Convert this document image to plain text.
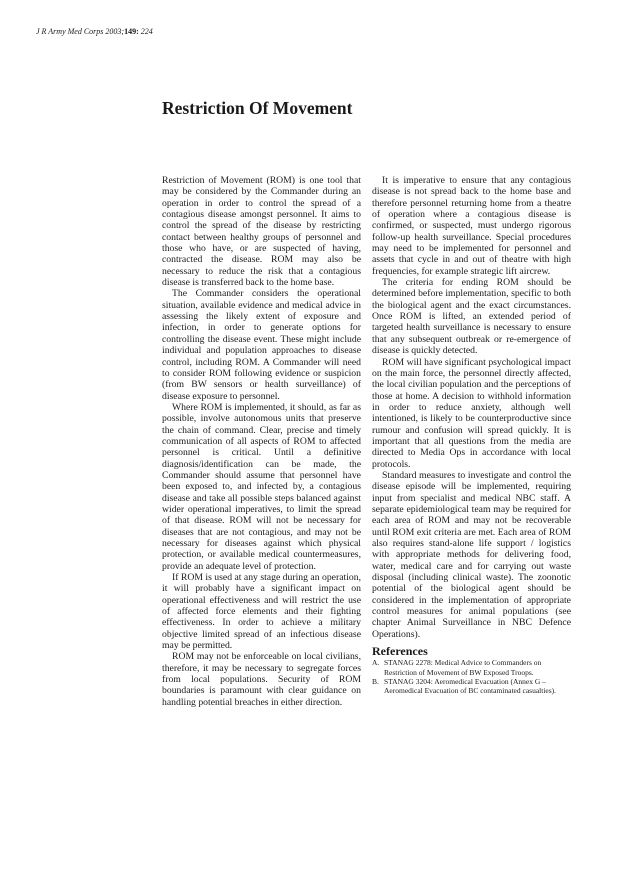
J R Army Med Corps 2003;149: 224
Restriction Of Movement

Restriction of Movement (ROM) is one tool that may be considered by the Commander during an operation in order to control the spread of a contagious disease amongst personnel. It aims to control the spread of the disease by restricting contact between healthy groups of personnel and those who have, or are suspected of having, contracted the disease. ROM may also be necessary to reduce the risk that a contagious disease is transferred back to the home base.

The Commander considers the operational situation, available evidence and medical advice in assessing the likely extent of exposure and infection, in order to generate options for controlling the disease event. These might include individual and population approaches to disease control, including ROM. A Commander will need to consider ROM following evidence or suspicion (from BW sensors or health surveillance) of disease exposure to personnel.

Where ROM is implemented, it should, as far as possible, involve autonomous units that preserve the chain of command. Clear, precise and timely communication of all aspects of ROM to affected personnel is critical. Until a definitive diagnosis/identification can be made, the Commander should assume that personnel have been exposed to, and infected by, a contagious disease and take all possible steps balanced against wider operational imperatives, to limit the spread of that disease. ROM will not be necessary for diseases that are not contagious, and may not be necessary for diseases against which physical protection, or available medical countermeasures, provide an adequate level of protection.

If ROM is used at any stage during an operation, it will probably have a significant impact on operational effectiveness and will restrict the use of affected force elements and their fighting effectiveness. In order to achieve a military objective limited spread of an infectious disease may be permitted.

ROM may not be enforceable on local civilians, therefore, it may be necessary to segregate forces from local populations. Security of ROM boundaries is paramount with clear guidance on handling potential breaches in either direction.

It is imperative to ensure that any contagious disease is not spread back to the home base and therefore personnel returning home from a theatre of operation where a contagious disease is confirmed, or suspected, must undergo rigorous follow-up health surveillance. Special procedures may need to be implemented for personnel and assets that cycle in and out of theatre with high frequencies, for example strategic lift aircrew.

The criteria for ending ROM should be determined before implementation, specific to both the biological agent and the exact circumstances. Once ROM is lifted, an extended period of targeted health surveillance is necessary to ensure that any subsequent outbreak or re-emergence of disease is quickly detected.

ROM will have significant psychological impact on the main force, the personnel directly affected, the local civilian population and the perceptions of those at home. A decision to withhold information in order to reduce anxiety, although well intentioned, is likely to be counterproductive since rumour and confusion will spread quickly. It is important that all questions from the media are directed to Media Ops in accordance with local protocols.

Standard measures to investigate and control the disease episode will be implemented, requiring input from specialist and medical NBC staff. A separate epidemiological team may be required for each area of ROM and may not be recoverable until ROM exit criteria are met. Each area of ROM also requires stand-alone life support / logistics with appropriate methods for delivering food, water, medical care and for carrying out waste disposal (including clinical waste). The zoonotic potential of the biological agent should be considered in the implementation of appropriate control measures for animal populations (see chapter Animal Surveillance in NBC Defence Operations).

References
A. STANAG 2278: Medical Advice to Commanders on Restriction of Movement of BW Exposed Troops.
B. STANAG 3204: Aeromedical Evacuation (Annex G – Aeromedical Evacuation of BC contaminated casualties).
